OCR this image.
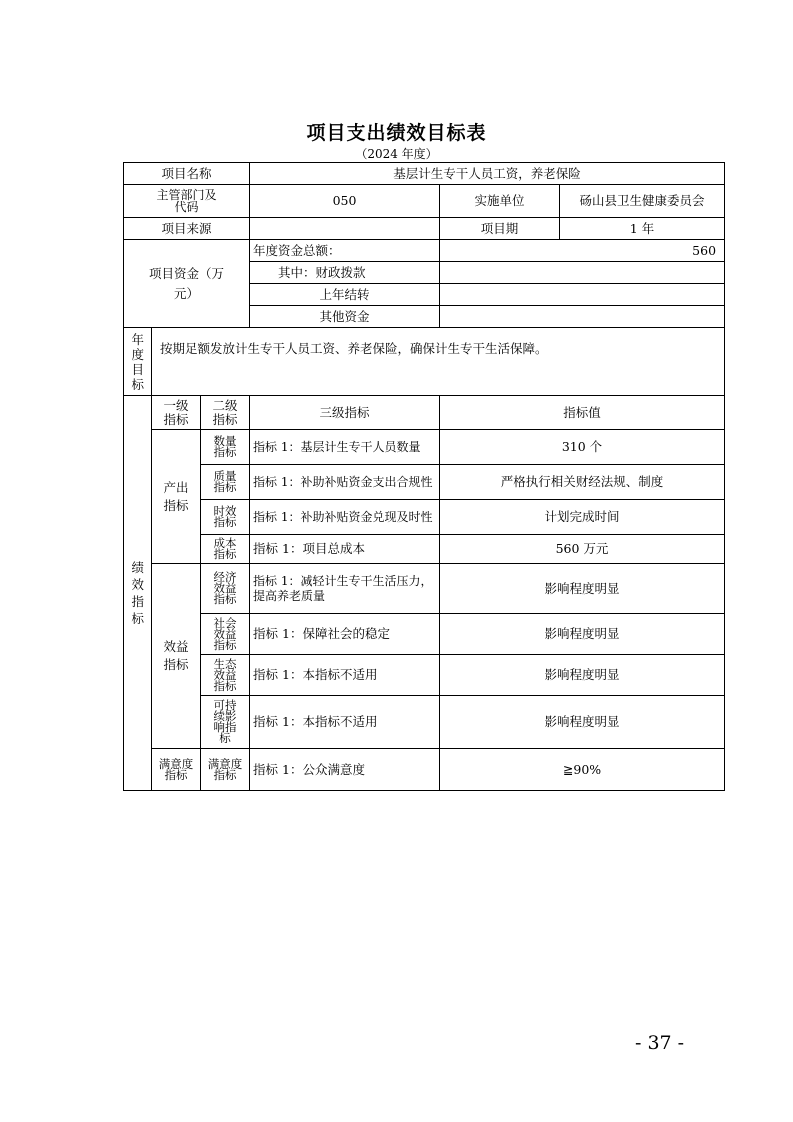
项目支出绩效目标表
（2024 年度）
项目名称			基层计生专干人员工资，养老保险		

主管部门及代码			050	实施单位	砀山县卫生健康委员会
项目来源				项目期	1 年

项目资金（万元）			年度资金总额：	560	
			其中：财政拨款		
			上年结转		
			其他资金		

年度目标	按期足额发放计生专干人员工资、养老保险，确保计生专干生活保障。				

绩效指标	一级指标	二级指标	三级指标	指标值	

	产出指标	数量指标	指标 1：基层计生专干人员数量	310 个	

		质量指标	指标 1：补助补贴资金支出合规性	严格执行相关财经法规、制度	

		时效指标	指标 1：补助补贴资金兑现及时性	计划完成时间	

		成本指标	指标 1：项目总成本	560 万元	

	效益指标	经济效益指标	指标 1：减轻计生专干生活压力，提高养老质量	影响程度明显	

		社会效益指标	指标 1：保障社会的稳定	影响程度明显	

		生态效益指标	指标 1：本指标不适用	影响程度明显	

		可持续影响指标	指标 1：本指标不适用	影响程度明显	

	满意度指标	满意度指标	指标 1：公众满意度	≧90%	
- 37 -
